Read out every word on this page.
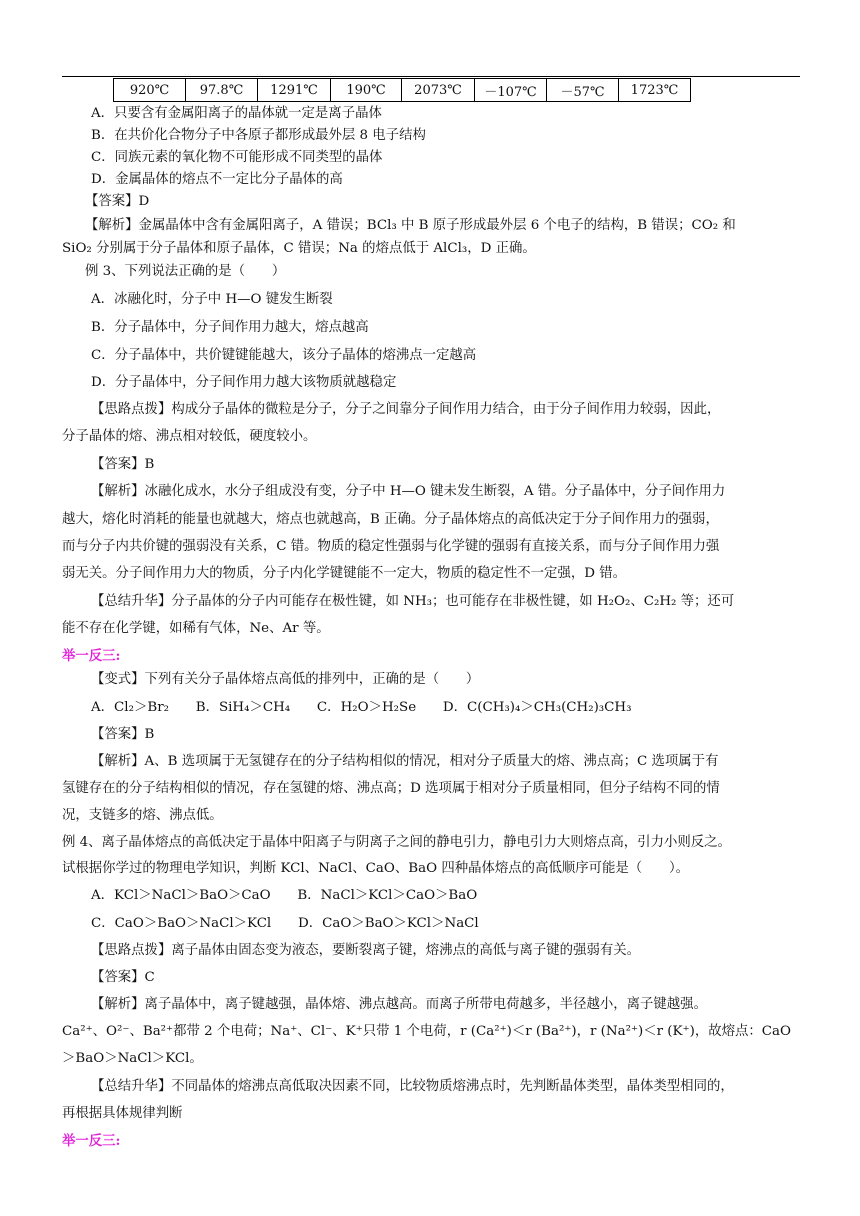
920℃	97.8℃	1291℃	190℃	2073℃	－107℃	－57℃	1723℃
A．只要含有金属阳离子的晶体就一定是离子晶体
B．在共价化合物分子中各原子都形成最外层 8 电子结构
C．同族元素的氧化物不可能形成不同类型的晶体
D．金属晶体的熔点不一定比分子晶体的高
【答案】D
【解析】金属晶体中含有金属阳离子，A 错误；BCl₃ 中 B 原子形成最外层 6 个电子的结构，B 错误；CO₂ 和
SiO₂ 分别属于分子晶体和原子晶体，C 错误；Na 的熔点低于 AlCl₃，D 正确。
例 3、下列说法正确的是（　　）
A．冰融化时，分子中 H—O 键发生断裂
B．分子晶体中，分子间作用力越大，熔点越高
C．分子晶体中，共价键键能越大，该分子晶体的熔沸点一定越高
D．分子晶体中，分子间作用力越大该物质就越稳定
【思路点拨】构成分子晶体的微粒是分子，分子之间靠分子间作用力结合，由于分子间作用力较弱，因此，
分子晶体的熔、沸点相对较低，硬度较小。
【答案】B
【解析】冰融化成水，水分子组成没有变，分子中 H—O 键未发生断裂，A 错。分子晶体中，分子间作用力
越大，熔化时消耗的能量也就越大，熔点也就越高，B 正确。分子晶体熔点的高低决定于分子间作用力的强弱，
而与分子内共价键的强弱没有关系，C 错。物质的稳定性强弱与化学键的强弱有直接关系，而与分子间作用力强
弱无关。分子间作用力大的物质，分子内化学键键能不一定大，物质的稳定性不一定强，D 错。
【总结升华】分子晶体的分子内可能存在极性键，如 NH₃；也可能存在非极性键，如 H₂O₂、C₂H₂ 等；还可
能不存在化学键，如稀有气体，Ne、Ar 等。
举一反三:
【变式】下列有关分子晶体熔点高低的排列中，正确的是（　　）
A．Cl₂＞Br₂　　B．SiH₄＞CH₄　　C．H₂O＞H₂Se　　D．C(CH₃)₄＞CH₃(CH₂)₃CH₃
【答案】B
【解析】A、B 选项属于无氢键存在的分子结构相似的情况，相对分子质量大的熔、沸点高；C 选项属于有
氢键存在的分子结构相似的情况，存在氢键的熔、沸点高；D 选项属于相对分子质量相同，但分子结构不同的情
况，支链多的熔、沸点低。
例 4、离子晶体熔点的高低决定于晶体中阳离子与阴离子之间的静电引力，静电引力大则熔点高，引力小则反之。
试根据你学过的物理电学知识，判断 KCl、NaCl、CaO、BaO 四种晶体熔点的高低顺序可能是（　　）。
A．KCl＞NaCl＞BaO＞CaO　　B．NaCl＞KCl＞CaO＞BaO
C．CaO＞BaO＞NaCl＞KCl　　D．CaO＞BaO＞KCl＞NaCl
【思路点拨】离子晶体由固态变为液态，要断裂离子键，熔沸点的高低与离子键的强弱有关。
【答案】C
【解析】离子晶体中，离子键越强，晶体熔、沸点越高。而离子所带电荷越多，半径越小，离子键越强。
Ca²⁺、O²⁻、Ba²⁺都带 2 个电荷；Na⁺、Cl⁻、K⁺只带 1 个电荷，r (Ca²⁺)＜r (Ba²⁺)，r (Na²⁺)＜r (K⁺)，故熔点：CaO
＞BaO＞NaCl＞KCl。
【总结升华】不同晶体的熔沸点高低取决因素不同，比较物质熔沸点时，先判断晶体类型，晶体类型相同的，
再根据具体规律判断
举一反三:
